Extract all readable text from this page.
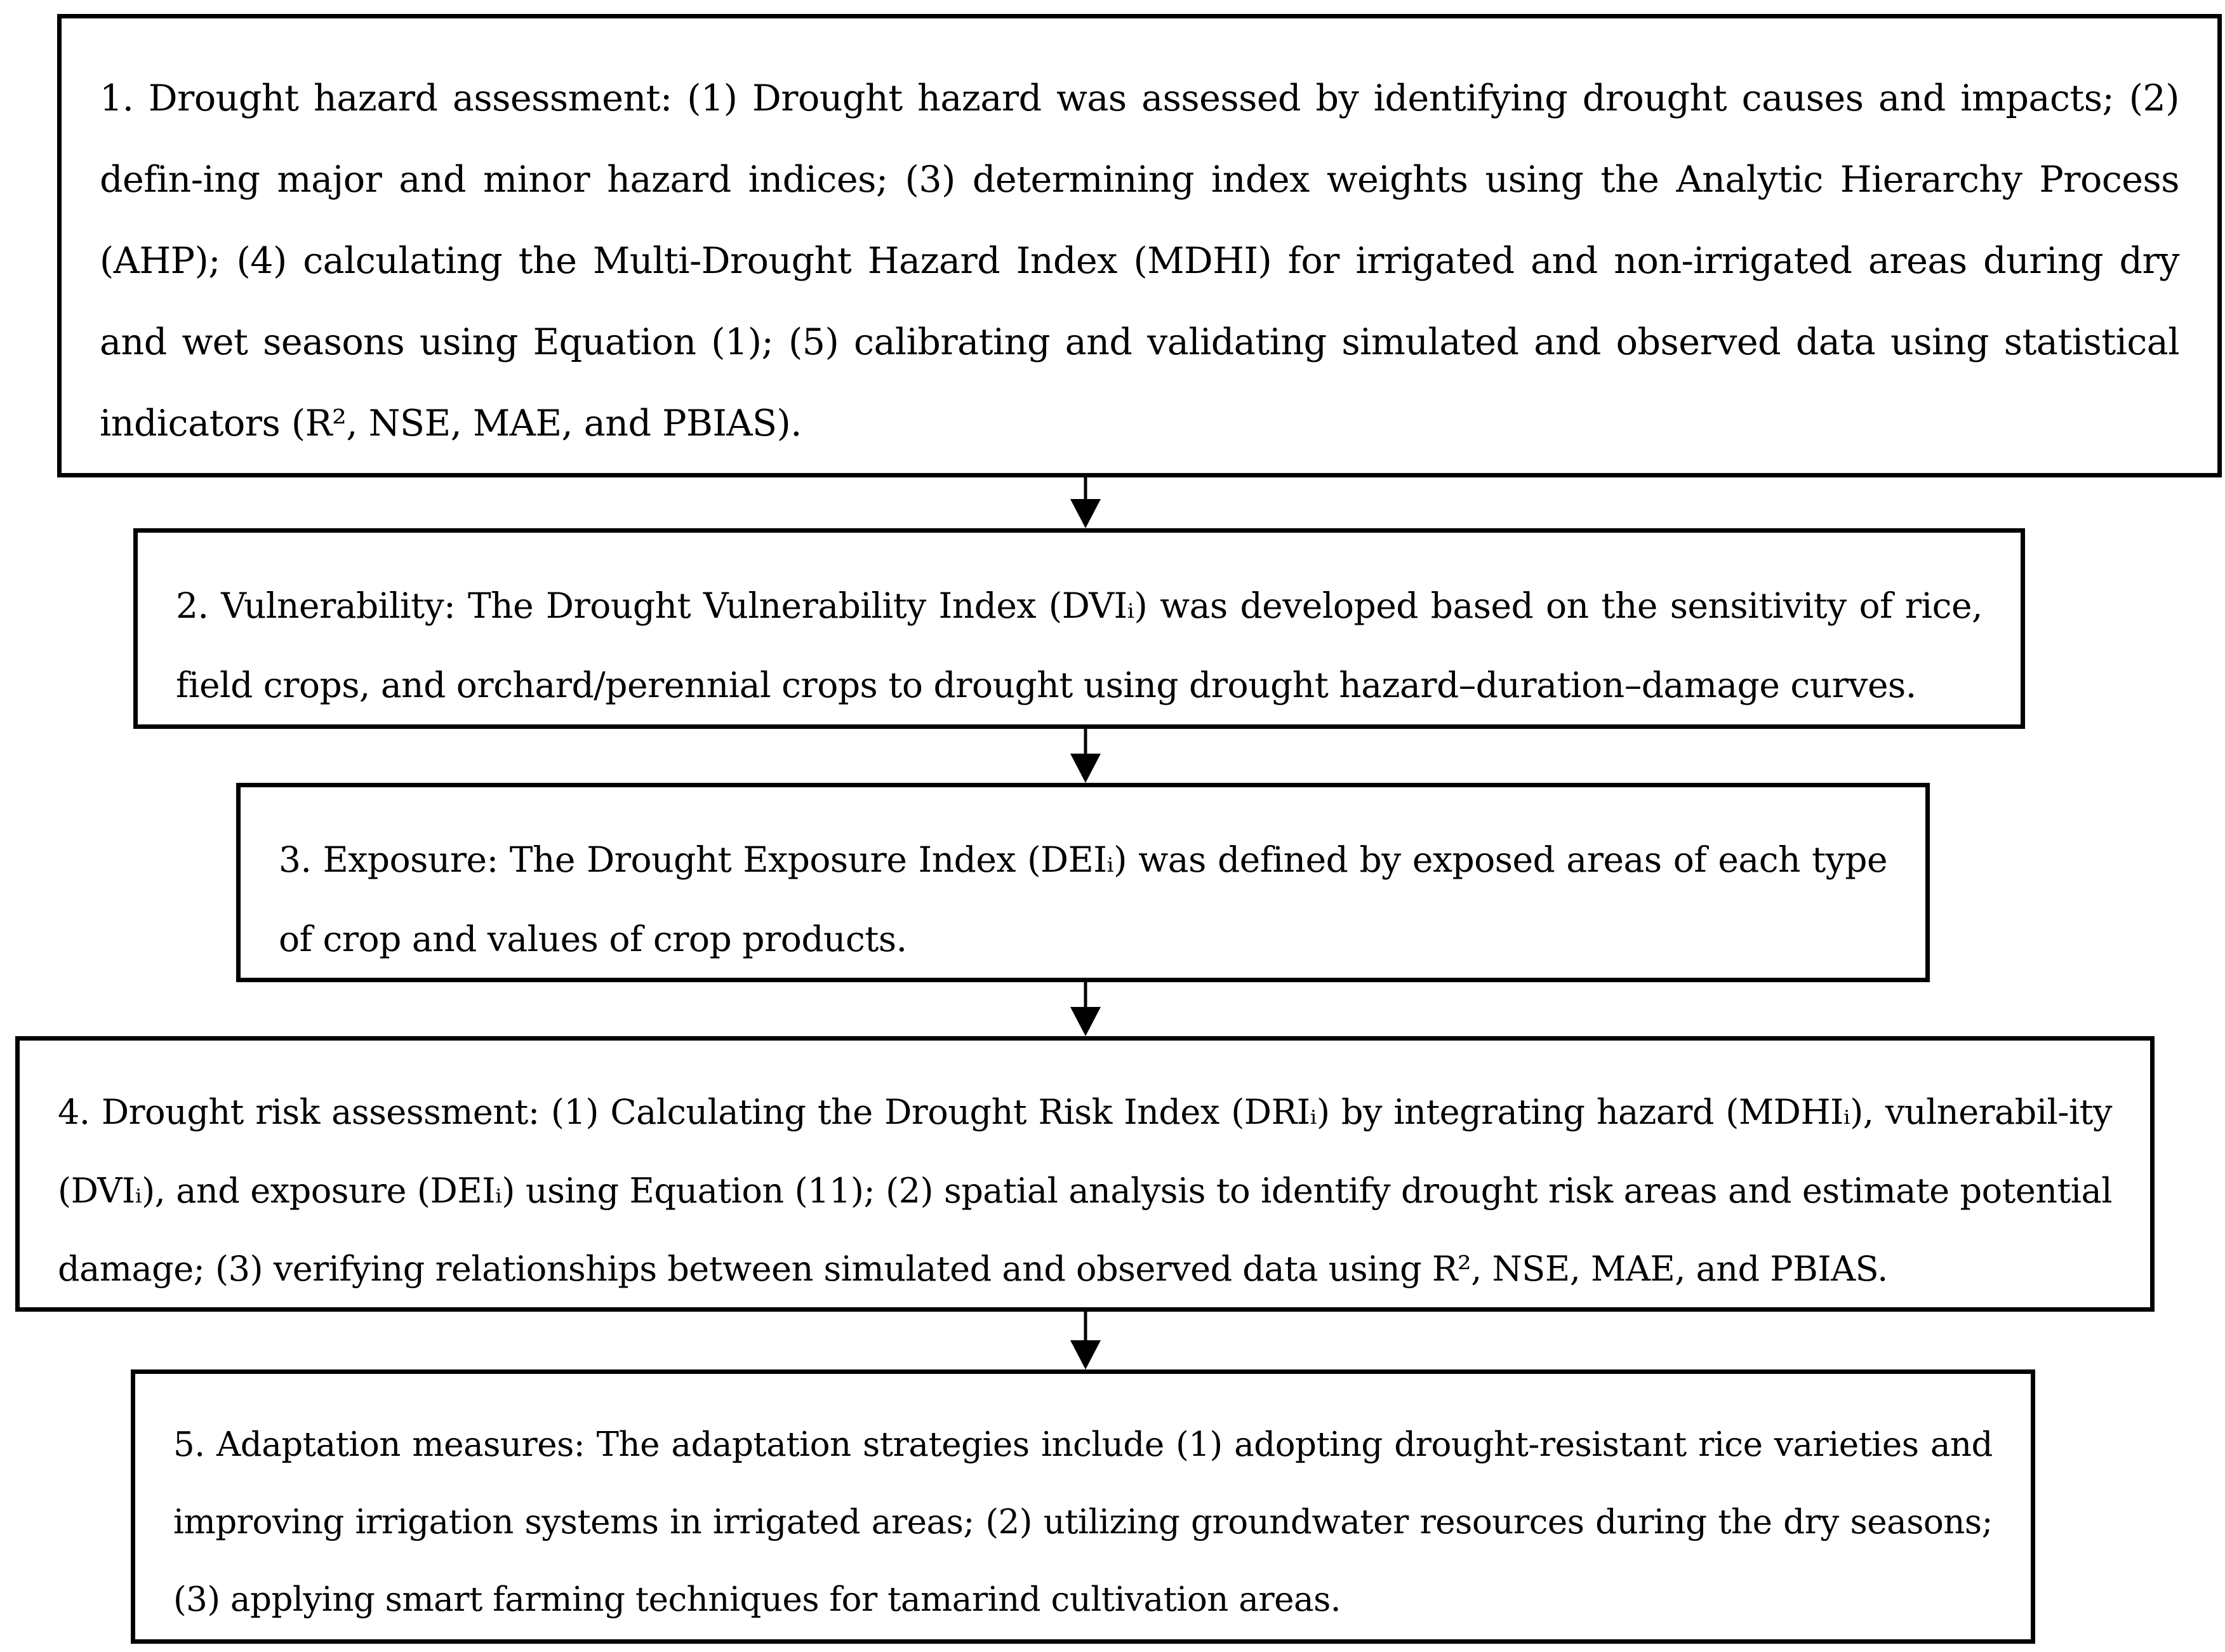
1. Drought hazard assessment: (1) Drought hazard was assessed by identifying drought causes and impacts; (2) defin-ing major and minor hazard indices; (3) determining index weights using the Analytic Hierarchy Process (AHP); (4) calculating the Multi-Drought Hazard Index (MDHI) for irrigated and non-irrigated areas during dry and wet seasons using Equation (1); (5) calibrating and validating simulated and observed data using statistical indicators (R², NSE, MAE, and PBIAS).

2. Vulnerability: The Drought Vulnerability Index (DVIᵢ) was developed based on the sensitivity of rice, field crops, and orchard/perennial crops to drought using drought hazard–duration–damage curves.

3. Exposure: The Drought Exposure Index (DEIᵢ) was defined by exposed areas of each type of crop and values of crop products.

4. Drought risk assessment: (1) Calculating the Drought Risk Index (DRIᵢ) by integrating hazard (MDHIᵢ), vulnerabil-ity (DVIᵢ), and exposure (DEIᵢ) using Equation (11); (2) spatial analysis to identify drought risk areas and estimate potential damage; (3) verifying relationships between simulated and observed data using R², NSE, MAE, and PBIAS.

5. Adaptation measures: The adaptation strategies include (1) adopting drought-resistant rice varieties and improving irrigation systems in irrigated areas; (2) utilizing groundwater resources during the dry seasons; (3) applying smart farming techniques for tamarind cultivation areas.
